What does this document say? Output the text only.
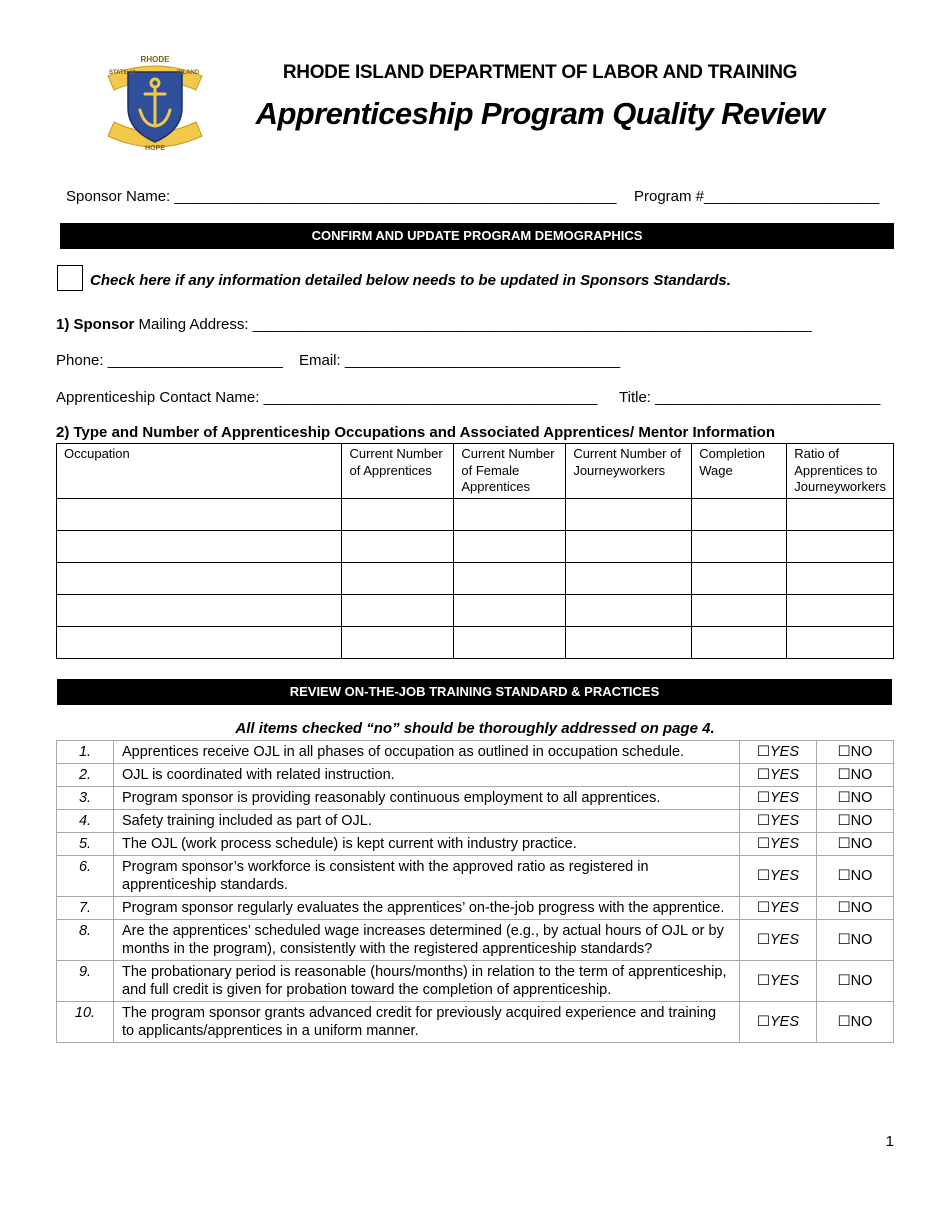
RHODE
STATE of	ISLAND
HOPE
RHODE ISLAND DEPARTMENT OF LABOR AND TRAINING
Apprenticeship Program Quality Review
Sponsor Name: _____________________________________________________ Program #_____________________
CONFIRM AND UPDATE PROGRAM DEMOGRAPHICS
Check here if any information detailed below needs to be updated in Sponsors Standards.
1) Sponsor Mailing Address: ___________________________________________________________________
Phone: _____________________ Email: _________________________________
Apprenticeship Contact Name: ________________________________________ Title: ___________________________
2) Type and Number of Apprenticeship Occupations and Associated Apprentices/ Mentor Information
Occupation	Current Number of Apprentices	Current Number of Female Apprentices	Current Number of Journeyworkers	Completion Wage	Ratio of Apprentices to Journeyworkers

REVIEW ON-THE-JOB TRAINING STANDARD & PRACTICES
All items checked “no” should be thoroughly addressed on page 4.
1.	Apprentices receive OJL in all phases of occupation as outlined in occupation schedule.	☐YES	☐NO
2.	OJL is coordinated with related instruction.	☐YES	☐NO
3.	Program sponsor is providing reasonably continuous employment to all apprentices.	☐YES	☐NO
4.	Safety training included as part of OJL.	☐YES	☐NO
5.	The OJL (work process schedule) is kept current with industry practice.	☐YES	☐NO
6.	Program sponsor’s workforce is consistent with the approved ratio as registered in apprenticeship standards.	☐YES	☐NO
7.	Program sponsor regularly evaluates the apprentices’ on-the-job progress with the apprentice.	☐YES	☐NO
8.	Are the apprentices’ scheduled wage increases determined (e.g., by actual hours of OJL or by months in the program), consistently with the registered apprenticeship standards?	☐YES	☐NO
9.	The probationary period is reasonable (hours/months) in relation to the term of apprenticeship, and full credit is given for probation toward the completion of apprenticeship.	☐YES	☐NO
10.	The program sponsor grants advanced credit for previously acquired experience and training to applicants/apprentices in a uniform manner.	☐YES	☐NO
1
